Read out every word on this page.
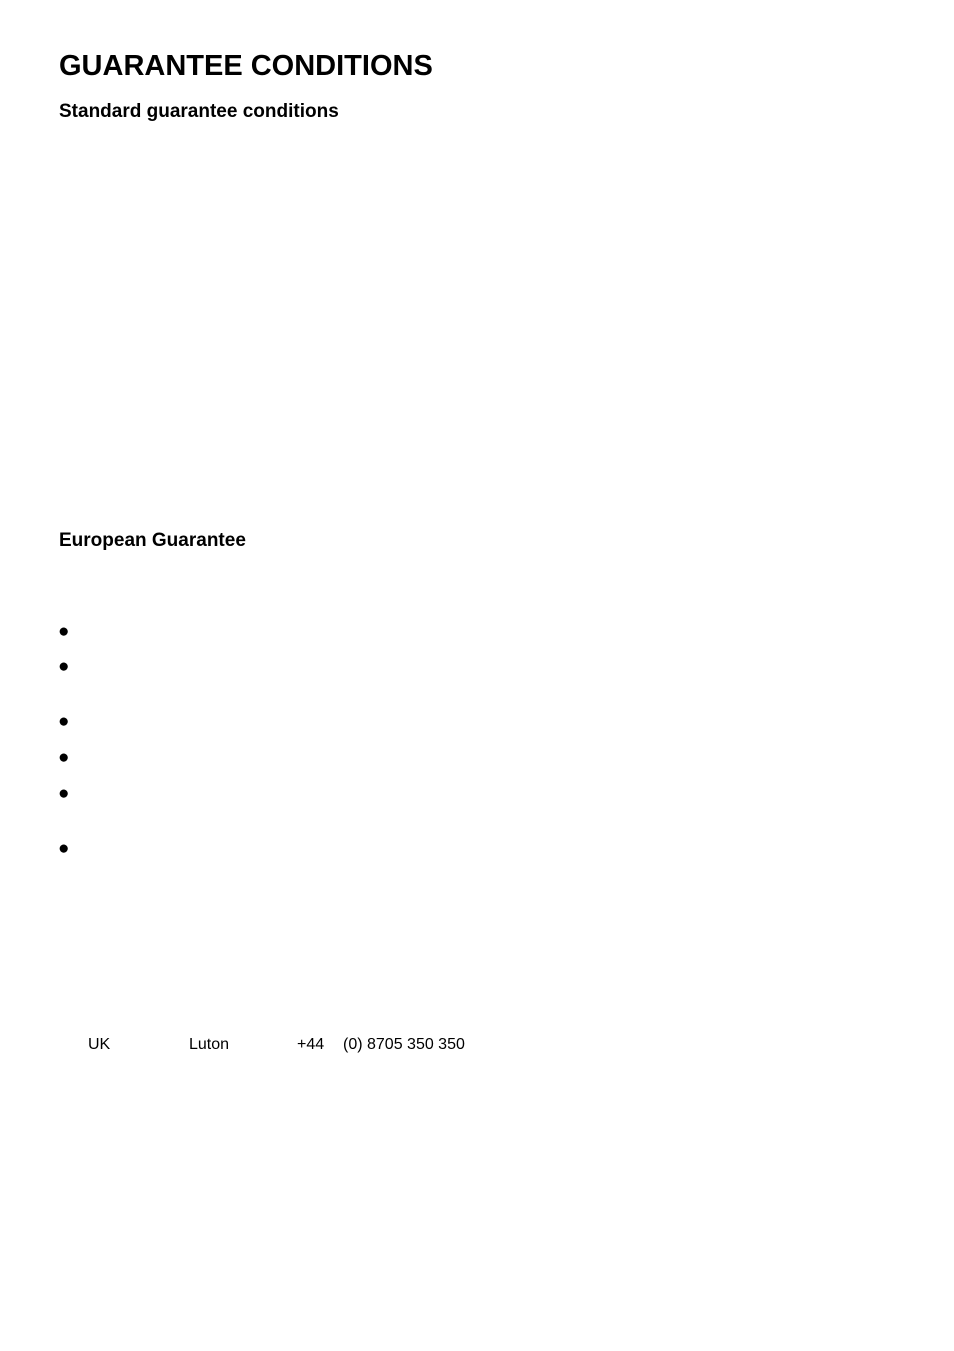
GUARANTEE CONDITIONS
Standard guarantee conditions
European Guarantee
●
●
●
●
●
●
UK	Luton	+44 (0) 8705 350 350
